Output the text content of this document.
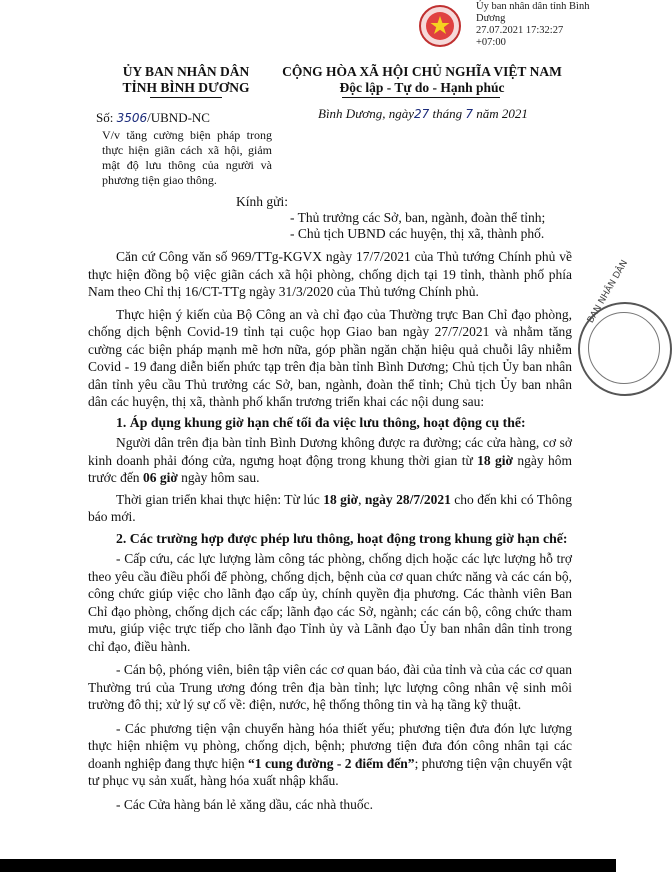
Ủy ban nhân dân tỉnh Bình
Dương
27.07.2021 17:32:27
+07:00
ỦY BAN NHÂN DÂN
TỈNH BÌNH DƯƠNG
CỘNG HÒA XÃ HỘI CHỦ NGHĨA VIỆT NAM
Độc lập - Tự do - Hạnh phúc
Số: 3506/UBND-NC
V/v tăng cường biện pháp trong thực hiện giãn cách xã hội, giảm mật độ lưu thông của người và phương tiện giao thông.
Bình Dương, ngày27 tháng 7 năm 2021
Kính gửi:
- Thủ trưởng các Sở, ban, ngành, đoàn thể tỉnh;
- Chủ tịch UBND các huyện, thị xã, thành phố.
BAN NHÂN DÂN

Căn cứ Công văn số 969/TTg-KGVX ngày 17/7/2021 của Thủ tướng Chính phủ về thực hiện đồng bộ việc giãn cách xã hội phòng, chống dịch tại 19 tỉnh, thành phố phía Nam theo Chỉ thị 16/CT-TTg ngày 31/3/2020 của Thủ tướng Chính phủ.

Thực hiện ý kiến của Bộ Công an và chỉ đạo của Thường trực Ban Chỉ đạo phòng, chống dịch bệnh Covid-19 tỉnh tại cuộc họp Giao ban ngày 27/7/2021 và nhằm tăng cường các biện pháp mạnh mẽ hơn nữa, góp phần ngăn chặn hiệu quả chuỗi lây nhiễm Covid - 19 đang diễn biến phức tạp trên địa bàn tỉnh Bình Dương; Chủ tịch Ủy ban nhân dân tỉnh yêu cầu Thủ trưởng các Sở, ban, ngành, đoàn thể tỉnh; Chủ tịch Ủy ban nhân dân các huyện, thị xã, thành phố khẩn trương triển khai các nội dung sau:

1. Áp dụng khung giờ hạn chế tối đa việc lưu thông, hoạt động cụ thể:

Người dân trên địa bàn tỉnh Bình Dương không được ra đường; các cửa hàng, cơ sở kinh doanh phải đóng cửa, ngưng hoạt động trong khung thời gian từ 18 giờ ngày hôm trước đến 06 giờ ngày hôm sau.

Thời gian triển khai thực hiện: Từ lúc 18 giờ, ngày 28/7/2021 cho đến khi có Thông báo mới.

2. Các trường hợp được phép lưu thông, hoạt động trong khung giờ hạn chế:

- Cấp cứu, các lực lượng làm công tác phòng, chống dịch hoặc các lực lượng hỗ trợ theo yêu cầu điều phối để phòng, chống dịch, bệnh của cơ quan chức năng và các cán bộ, công chức giúp việc cho lãnh đạo cấp ủy, chính quyền địa phương. Các thành viên Ban Chỉ đạo phòng, chống dịch các cấp; lãnh đạo các Sở, ngành; các cán bộ, công chức tham mưu, giúp việc trực tiếp cho lãnh đạo Tỉnh ủy và Lãnh đạo Ủy ban nhân dân tỉnh trong chỉ đạo, điều hành.

- Cán bộ, phóng viên, biên tập viên các cơ quan báo, đài của tỉnh và của các cơ quan Thường trú của Trung ương đóng trên địa bàn tỉnh; lực lượng công nhân vệ sinh môi trường đô thị; xử lý sự cố về: điện, nước, hệ thống thông tin và hạ tầng kỹ thuật.

- Các phương tiện vận chuyển hàng hóa thiết yếu; phương tiện đưa đón lực lượng thực hiện nhiệm vụ phòng, chống dịch, bệnh; phương tiện đưa đón công nhân tại các doanh nghiệp đang thực hiện “1 cung đường - 2 điểm đến”; phương tiện vận chuyển vật tư phục vụ sản xuất, hàng hóa xuất nhập khẩu.

- Các Cửa hàng bán lẻ xăng dầu, các nhà thuốc.
